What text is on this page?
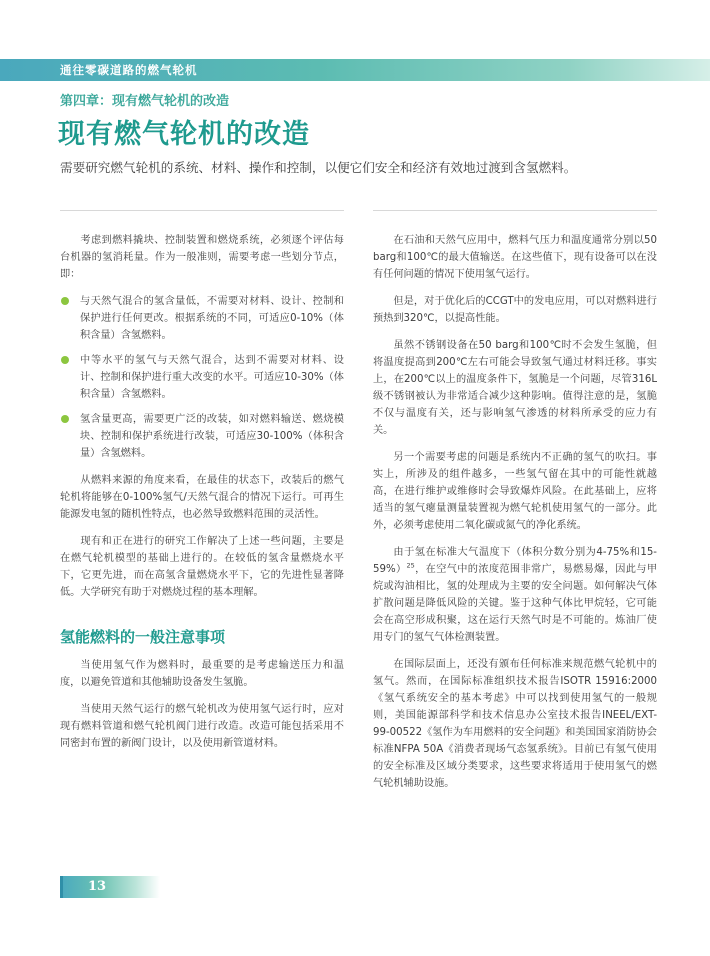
通往零碳道路的燃气轮机
第四章：现有燃气轮机的改造
现有燃气轮机的改造

需要研究燃气轮机的系统、材料、操作和控制，以便它们安全和经济有效地过渡到含氢燃料。

考虑到燃料撬块、控制装置和燃烧系统，必须逐个评估每台机器的氢消耗量。作为一般准则，需要考虑一些划分节点，即：

与天然气混合的氢含量低，不需要对材料、设计、控制和保护进行任何更改。根据系统的不同，可适应0-10%（体积含量）含氢燃料。
中等水平的氢气与天然气混合，达到不需要对材料、设计、控制和保护进行重大改变的水平。可适应10-30%（体积含量）含氢燃料。
氢含量更高，需要更广泛的改装，如对燃料输送、燃烧模块、控制和保护系统进行改装，可适应30-100%（体积含量）含氢燃料。

从燃料来源的角度来看，在最佳的状态下，改装后的燃气轮机将能够在0-100%氢气/天然气混合的情况下运行。可再生能源发电氢的随机性特点，也必然导致燃料范围的灵活性。

现有和正在进行的研究工作解决了上述一些问题，主要是在燃气轮机模型的基础上进行的。在较低的氢含量燃烧水平下，它更先进，而在高氢含量燃烧水平下，它的先进性显著降低。大学研究有助于对燃烧过程的基本理解。

氢能燃料的一般注意事项

当使用氢气作为燃料时，最重要的是考虑输送压力和温度，以避免管道和其他辅助设备发生氢脆。

当使用天然气运行的燃气轮机改为使用氢气运行时，应对现有燃料管道和燃气轮机阀门进行改造。改造可能包括采用不同密封布置的新阀门设计，以及使用新管道材料。

在石油和天然气应用中，燃料气压力和温度通常分别以50 barg和100℃的最大值输送。在这些值下，现有设备可以在没有任何问题的情况下使用氢气运行。

但是，对于优化后的CCGT中的发电应用，可以对燃料进行预热到320℃，以提高性能。

虽然不锈钢设备在50 barg和100℃时不会发生氢脆，但将温度提高到200℃左右可能会导致氢气通过材料迁移。事实上，在200℃以上的温度条件下，氢脆是一个问题，尽管316L级不锈钢被认为非常适合减少这种影响。值得注意的是，氢脆不仅与温度有关，还与影响氢气渗透的材料所承受的应力有关。

另一个需要考虑的问题是系统内不正确的氢气的吹扫。事实上，所涉及的组件越多，一些氢气留在其中的可能性就越高，在进行维护或维修时会导致爆炸风险。在此基础上，应将适当的氢气瘪量测量装置视为燃气轮机使用氢气的一部分。此外，必须考虑使用二氧化碳或氮气的净化系统。

由于氢在标准大气温度下（体积分数分别为4-75%和15-59%）$^{25}$，在空气中的浓度范围非常广，易燃易爆，因此与甲烷或沟油相比，氢的处理成为主要的安全问题。如何解决气体扩散问题是降低风险的关键。鉴于这种气体比甲烷轻，它可能会在高空形成积聚，这在运行天然气时是不可能的。炼油厂使用专门的氢气气体检测装置。

在国际层面上，还没有颁布任何标准来规范燃气轮机中的氢气。然而，在国际标准组织技术报告ISOTR 15916:2000《氢气系统安全的基本考虑》中可以找到使用氢气的一般规则，美国能源部科学和技术信息办公室技术报告INEEL/EXT-99-00522《氢作为车用燃料的安全问题》和美国国家消防协会标准NFPA 50A《消费者现场气态氢系统》。目前已有氢气使用的安全标准及区域分类要求，这些要求将适用于使用氢气的燃气轮机辅助设施。

13
